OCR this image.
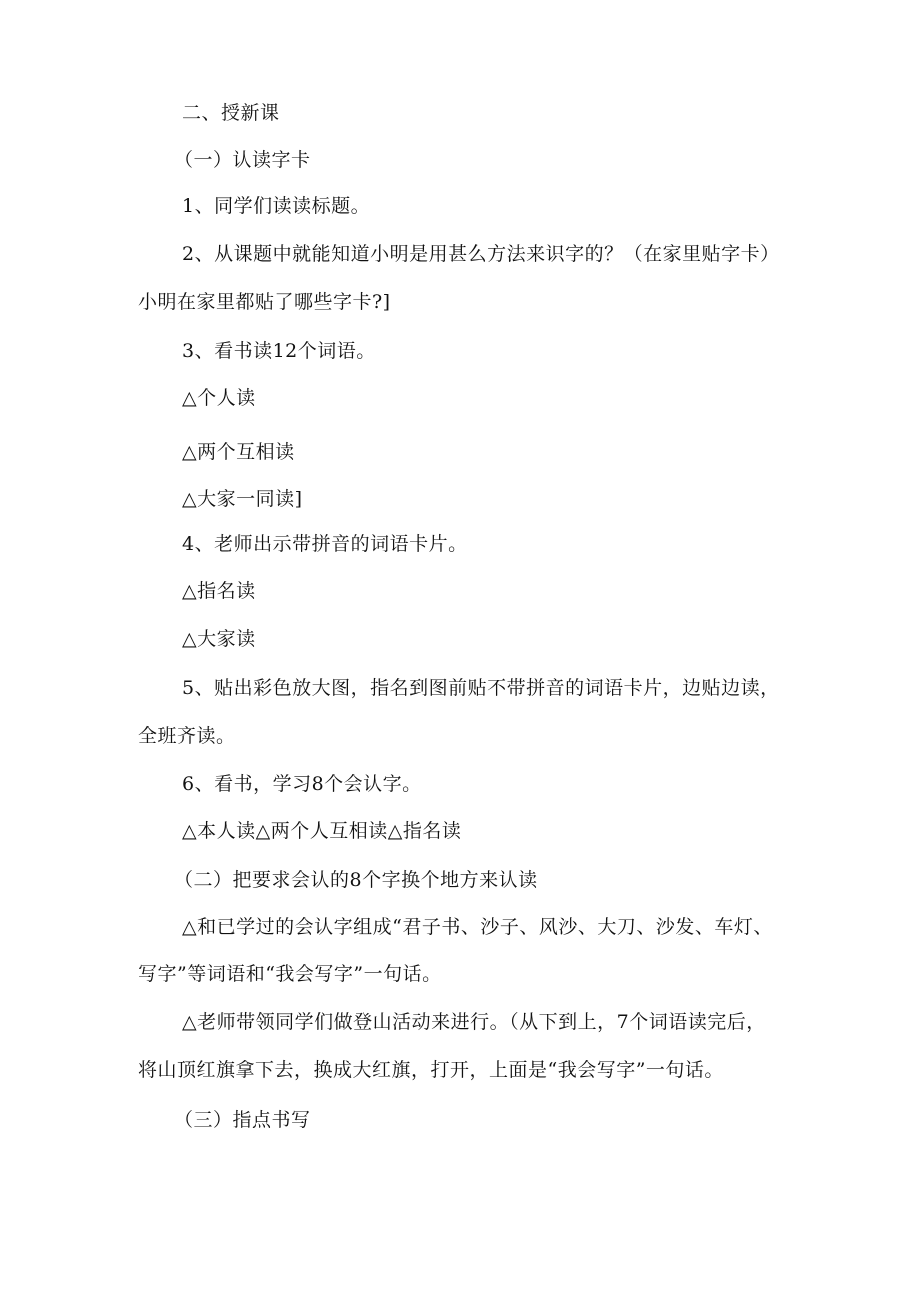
二、授新课
（一）认读字卡
1、同学们读读标题。
2、从课题中就能知道小明是用甚么方法来识字的？（在家里贴字卡）
小明在家里都贴了哪些字卡?]
3、看书读12个词语。
△个人读
△两个互相读
△大家一同读]
4、老师出示带拼音的词语卡片。
△指名读
△大家读
5、贴出彩色放大图，指名到图前贴不带拼音的词语卡片，边贴边读，
全班齐读。
6、看书，学习8个会认字。
△本人读△两个人互相读△指名读
（二）把要求会认的8个字换个地方来认读
△和已学过的会认字组成“君子书、沙子、风沙、大刀、沙发、车灯、
写字”等词语和“我会写字”一句话。
△老师带领同学们做登山活动来进行。（从下到上，7个词语读完后，
将山顶红旗拿下去，换成大红旗，打开，上面是“我会写字”一句话。
（三）指点书写
